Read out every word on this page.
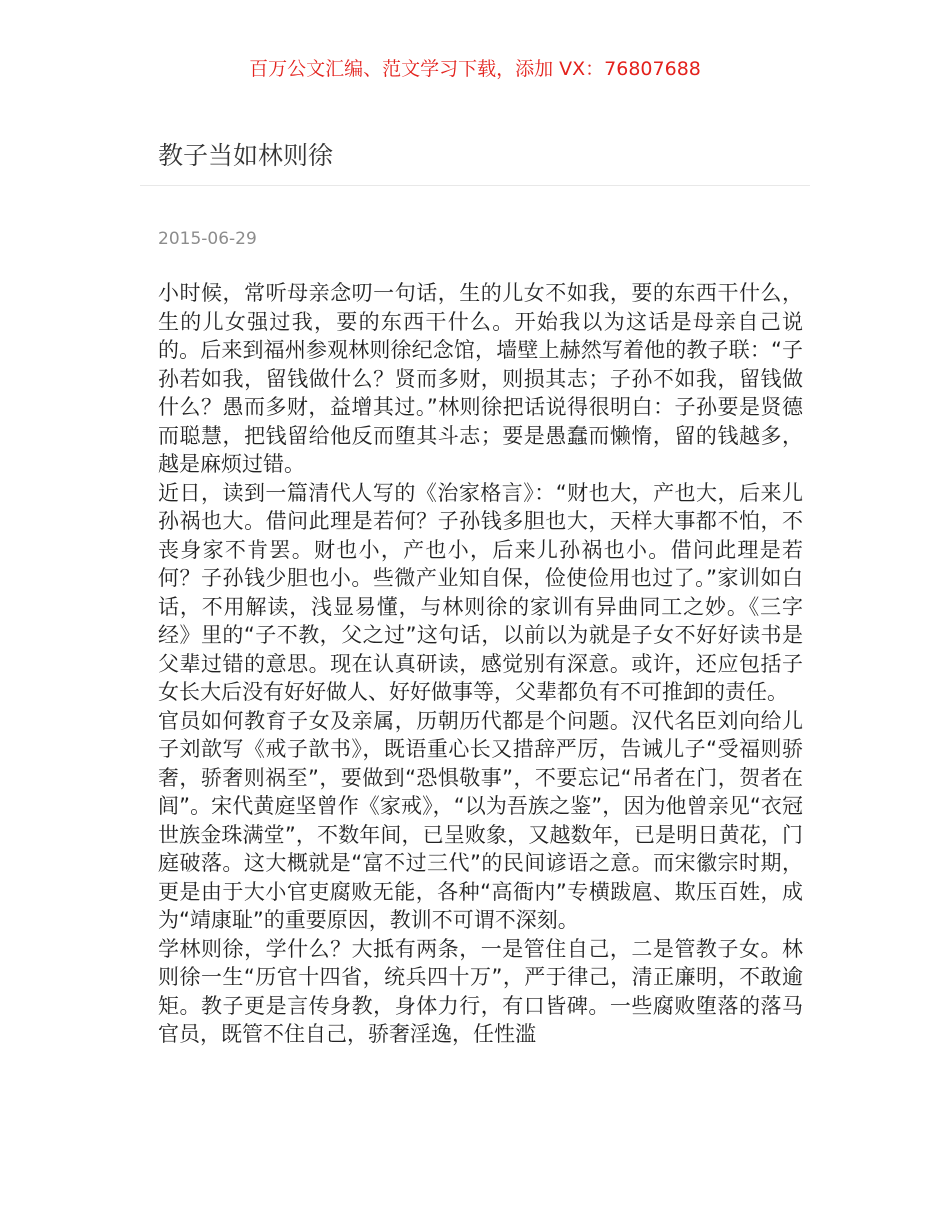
百万公文汇编、范文学习下载，添加 VX：76807688
教子当如林则徐
2015-06-29

小时候，常听母亲念叨一句话，生的儿女不如我，要的东西干什么，生的儿女强过我，要的东西干什么。开始我以为这话是母亲自己说的。后来到福州参观林则徐纪念馆，墙壁上赫然写着他的教子联：“子孙若如我，留钱做什么？贤而多财，则损其志；子孙不如我，留钱做什么？愚而多财，益增其过。”林则徐把话说得很明白：子孙要是贤德而聪慧，把钱留给他反而堕其斗志；要是愚蠢而懒惰，留的钱越多，越是麻烦过错。

近日，读到一篇清代人写的《治家格言》：“财也大，产也大，后来儿孙祸也大。借问此理是若何？子孙钱多胆也大，天样大事都不怕，不丧身家不肯罢。财也小，产也小，后来儿孙祸也小。借问此理是若何？子孙钱少胆也小。些微产业知自保，俭使俭用也过了。”家训如白话，不用解读，浅显易懂，与林则徐的家训有异曲同工之妙。《三字经》里的“子不教，父之过”这句话，以前以为就是子女不好好读书是父辈过错的意思。现在认真研读，感觉别有深意。或许，还应包括子女长大后没有好好做人、好好做事等，父辈都负有不可推卸的责任。

官员如何教育子女及亲属，历朝历代都是个问题。汉代名臣刘向给儿子刘歆写《戒子歆书》，既语重心长又措辞严厉，告诫儿子“受福则骄奢，骄奢则祸至”，要做到“恐惧敬事”，不要忘记“吊者在门，贺者在闾”。宋代黄庭坚曾作《家戒》，“以为吾族之鉴”，因为他曾亲见“衣冠世族金珠满堂”，不数年间，已呈败象，又越数年，已是明日黄花，门庭破落。这大概就是“富不过三代”的民间谚语之意。而宋徽宗时期，更是由于大小官吏腐败无能，各种“高衙内”专横跋扈、欺压百姓，成为“靖康耻”的重要原因，教训不可谓不深刻。

学林则徐，学什么？大抵有两条，一是管住自己，二是管教子女。林则徐一生“历官十四省，统兵四十万”，严于律己，清正廉明，不敢逾矩。教子更是言传身教，身体力行，有口皆碑。一些腐败堕落的落马官员，既管不住自己，骄奢淫逸，任性滥
